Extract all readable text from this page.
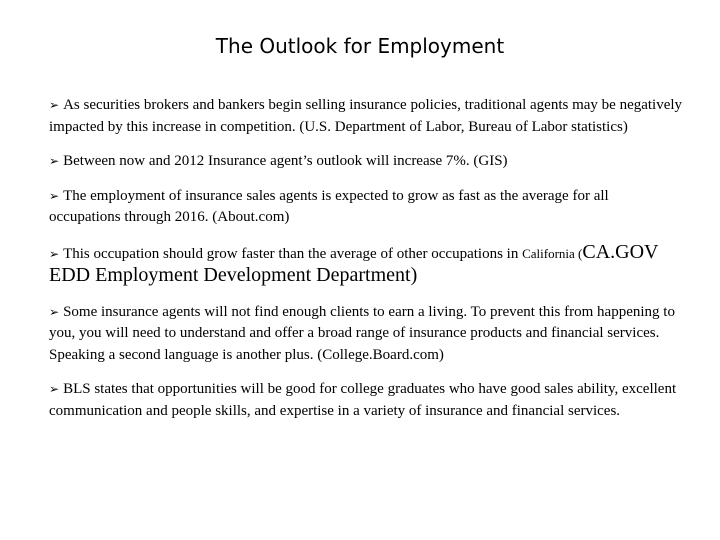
The Outlook for Employment
➢ As securities brokers and bankers begin selling insurance policies, traditional agents may be negatively impacted by this increase in competition. (U.S. Department of Labor, Bureau of Labor statistics)
➢ Between now and 2012 Insurance agent’s outlook will increase 7%. (GIS)
➢ The employment of insurance sales agents is expected to grow as fast as the average for all occupations through 2016. (About.com)
➢ This occupation should grow faster than the average of other occupations in California (CA.GOV EDD Employment Development Department)
➢ Some insurance agents will not find enough clients to earn a living. To prevent this from happening to you, you will need to understand and offer a broad range of insurance products and financial services. Speaking a second language is another plus. (College.Board.com)
➢ BLS states that opportunities will be good for college graduates who have good sales ability, excellent communication and people skills, and expertise in a variety of insurance and financial services.
